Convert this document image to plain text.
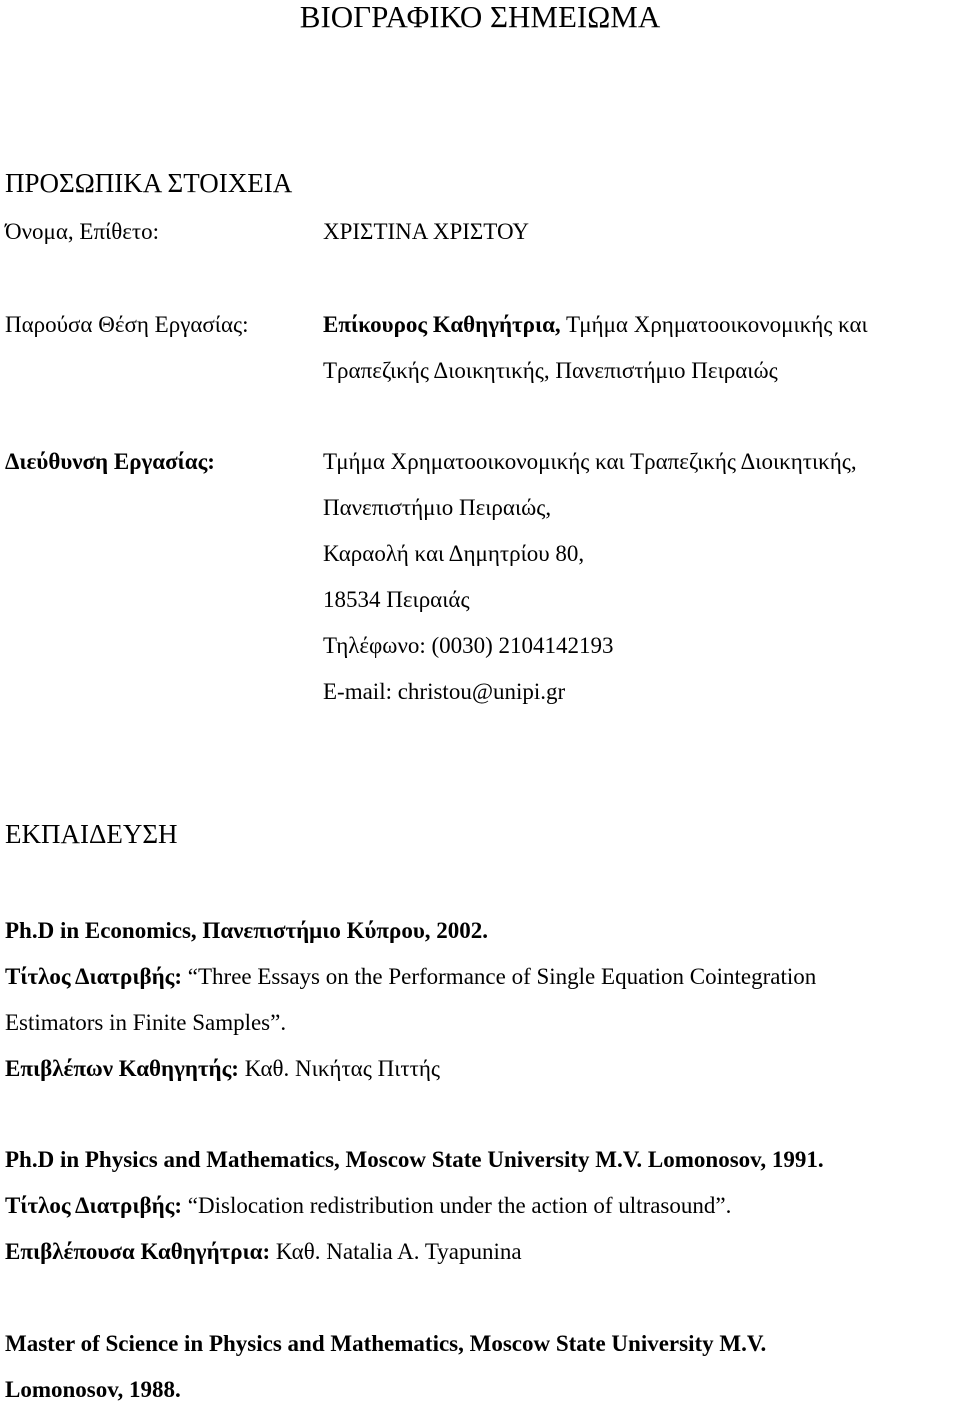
ΒΙΟΓΡΑΦΙΚΟ ΣΗΜΕΙΩΜΑ
ΠΡΟΣΩΠΙΚΑ ΣΤΟΙΧΕΙΑ
Όνομα, Επίθετο:	ΧΡΙΣΤΙΝΑ ΧΡΙΣΤΟΥ
Παρούσα Θέση Εργασίας:	Επίκουρος Καθηγήτρια, Τμήμα Χρηματοοικονομικής και
Τραπεζικής Διοικητικής, Πανεπιστήμιο Πειραιώς
Διεύθυνση Εργασίας:	Τμήμα Χρηματοοικονομικής και Τραπεζικής Διοικητικής,
Πανεπιστήμιο Πειραιώς,
Καραολή και Δημητρίου 80,
18534 Πειραιάς
Τηλέφωνο: (0030) 2104142193
E-mail: christou@unipi.gr
ΕΚΠΑΙΔΕΥΣΗ
Ph.D in Economics, Πανεπιστήμιο Κύπρου, 2002.
Τίτλος Διατριβής: “Three Essays on the Performance of Single Equation Cointegration
Estimators in Finite Samples”.
Επιβλέπων Καθηγητής: Καθ. Νικήτας Πιττής
Ph.D in Physics and Mathematics, Moscow State University M.V. Lomonosov, 1991.
Τίτλος Διατριβής: “Dislocation redistribution under the action of ultrasound”.
Επιβλέπουσα Καθηγήτρια: Καθ. Natalia A. Tyapunina
Master of Science in Physics and Mathematics, Moscow State University M.V.
Lomonosov, 1988.
